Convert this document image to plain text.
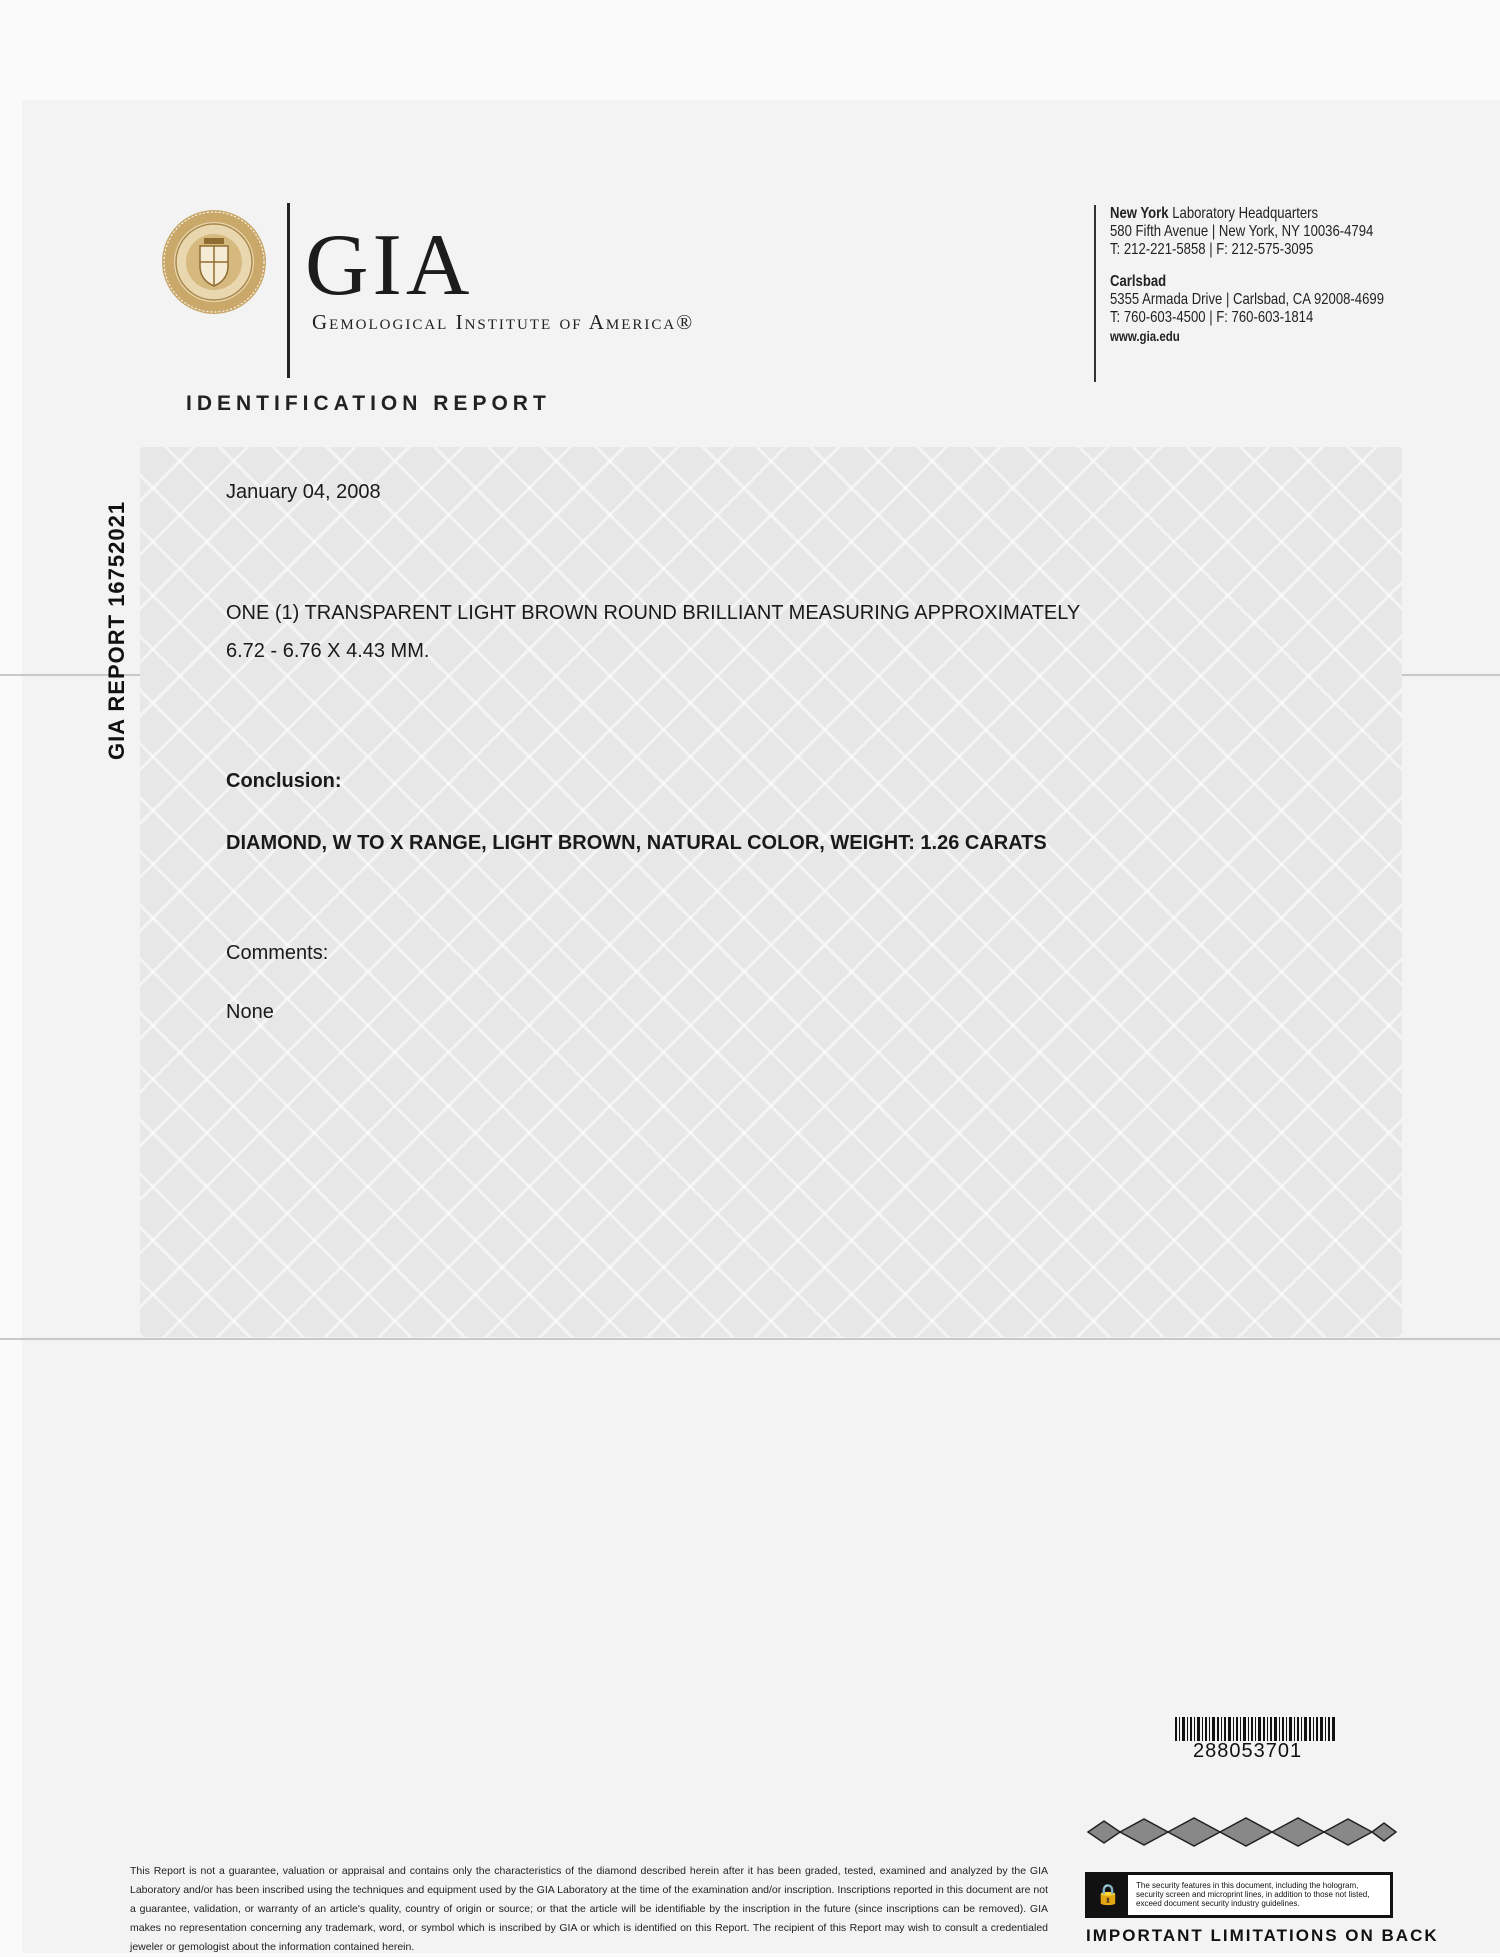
GIA
Gemological Institute of America®
New York Laboratory Headquarters
580 Fifth Avenue | New York, NY 10036-4794
T: 212-221-5858 | F: 212-575-3095
Carlsbad
5355 Armada Drive | Carlsbad, CA 92008-4699
T: 760-603-4500 | F: 760-603-1814
www.gia.edu
IDENTIFICATION REPORT
GIA REPORT 16752021
January 04, 2008
ONE (1) TRANSPARENT LIGHT BROWN ROUND BRILLIANT MEASURING APPROXIMATELY
6.72 - 6.76 X 4.43 MM.
Conclusion:
DIAMOND, W TO X RANGE, LIGHT BROWN, NATURAL COLOR, WEIGHT: 1.26 CARATS
Comments:
None
288053701
🔒	The security features in this document, including the hologram, security screen and microprint lines, in addition to those not listed, exceed document security industry guidelines.
IMPORTANT LIMITATIONS ON BACK
This Report is not a guarantee, valuation or appraisal and contains only the characteristics of the diamond described herein after it has been graded, tested, examined and analyzed by the GIA Laboratory and/or has been inscribed using the techniques and equipment used by the GIA Laboratory at the time of the examination and/or inscription. Inscriptions reported in this document are not a guarantee, validation, or warranty of an article's quality, country of origin or source; or that the article will be identifiable by the inscription in the future (since inscriptions can be removed). GIA makes no representation concerning any trademark, word, or symbol which is inscribed by GIA or which is identified on this Report. The recipient of this Report may wish to consult a credentialed jeweler or gemologist about the information contained herein.
